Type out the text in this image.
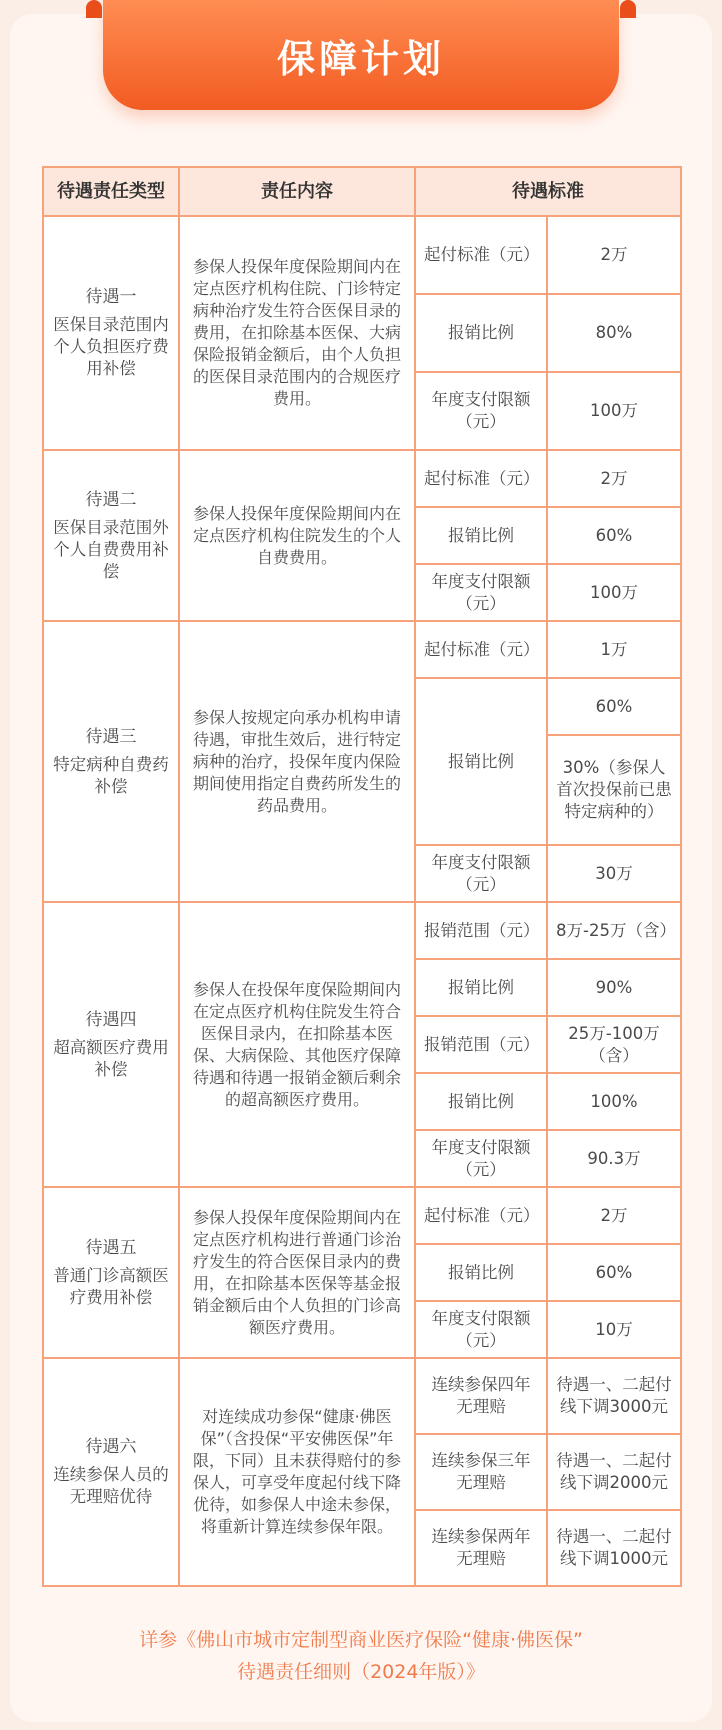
保障计划
待遇责任类型	责任内容	待遇标准	

待遇一
医保目录范围内个人负担医疗费用补偿	参保人投保年度保险期间内在定点医疗机构住院、门诊特定病种治疗发生符合医保目录的费用，在扣除基本医保、大病保险报销金额后，由个人负担的医保目录范围内的合规医疗费用。	起付标准（元）	2万
		报销比例	80%
		年度支付限额（元）	100万

待遇二
医保目录范围外个人自费费用补偿	参保人投保年度保险期间内在定点医疗机构住院发生的个人自费费用。	起付标准（元）	2万
		报销比例	60%
		年度支付限额（元）	100万

待遇三
特定病种自费药补偿	参保人按规定向承办机构申请待遇，审批生效后，进行特定病种的治疗，投保年度内保险期间使用指定自费药所发生的药品费用。	起付标准（元）	1万
		报销比例	60%
			30%（参保人首次投保前已患特定病种的）
		年度支付限额（元）	30万

待遇四
超高额医疗费用补偿	参保人在投保年度保险期间内在定点医疗机构住院发生符合医保目录内，在扣除基本医保、大病保险、其他医疗保障待遇和待遇一报销金额后剩余的超高额医疗费用。	报销范围（元）	8万-25万（含）
		报销比例	90%
		报销范围（元）	25万-100万（含）
		报销比例	100%
		年度支付限额（元）	90.3万

待遇五
普通门诊高额医疗费用补偿	参保人投保年度保险期间内在定点医疗机构进行普通门诊治疗发生的符合医保目录内的费用，在扣除基本医保等基金报销金额后由个人负担的门诊高额医疗费用。	起付标准（元）	2万
		报销比例	60%
		年度支付限额（元）	10万

待遇六
连续参保人员的无理赔优待	对连续成功参保“健康·佛医保”（含投保“平安佛医保”年限，下同）且未获得赔付的参保人，可享受年度起付线下降优待，如参保人中途未参保，将重新计算连续参保年限。	连续参保四年无理赔	待遇一、二起付线下调3000元
		连续参保三年无理赔	待遇一、二起付线下调2000元
		连续参保两年无理赔	待遇一、二起付线下调1000元
详参《佛山市城市定制型商业医疗保险“健康·佛医保”
待遇责任细则（2024年版）》
